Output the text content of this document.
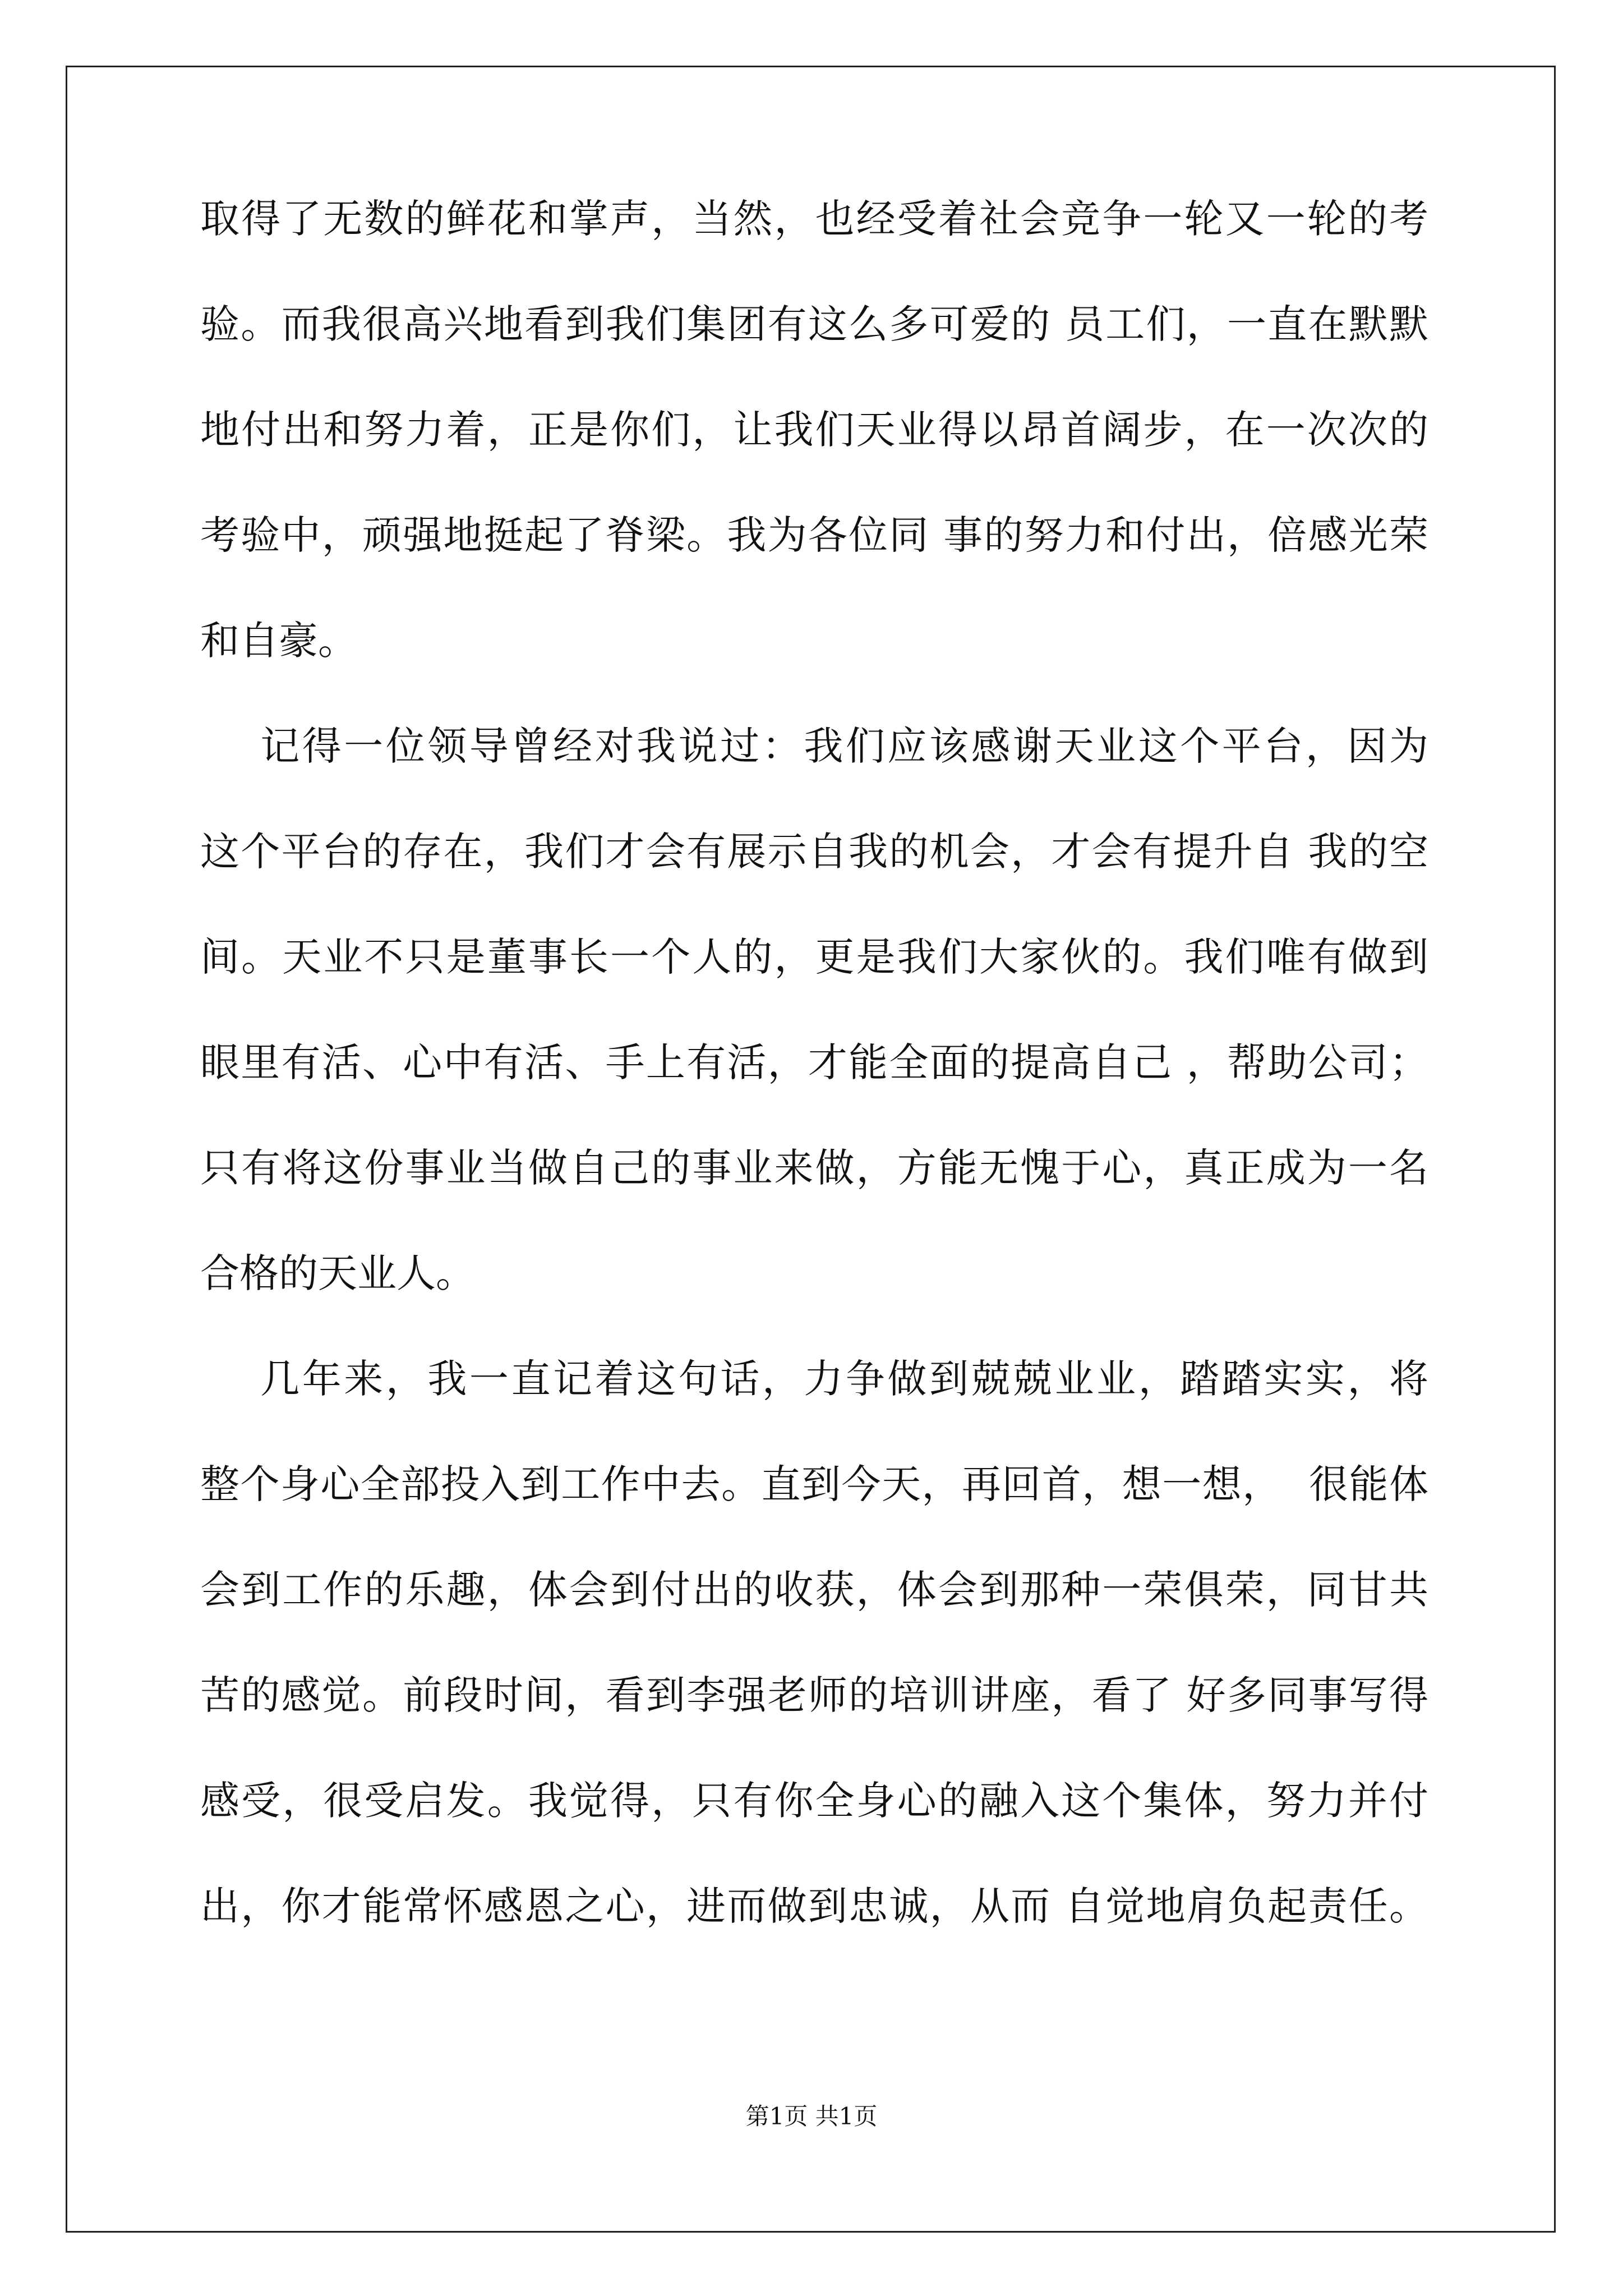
取得了无数的鲜花和掌声，当然，也经受着社会竞争一轮又一轮的考
验。而我很高兴地看到我们集团有这么多可爱的 员工们，一直在默默
地付出和努力着，正是你们，让我们天业得以昂首阔步，在一次次的
考验中，顽强地挺起了脊梁。我为各位同 事的努力和付出，倍感光荣
和自豪。
记得一位领导曾经对我说过：我们应该感谢天业这个平台，因为
这个平台的存在，我们才会有展示自我的机会，才会有提升自 我的空
间。天业不只是董事长一个人的，更是我们大家伙的。我们唯有做到
眼里有活、心中有活、手上有活，才能全面的提高自己 ，帮助公司；
只有将这份事业当做自己的事业来做，方能无愧于心，真正成为一名
合格的天业人。
几年来，我一直记着这句话，力争做到兢兢业业，踏踏实实，将
整个身心全部投入到工作中去。直到今天，再回首，想一想，  很能体
会到工作的乐趣，体会到付出的收获，体会到那种一荣俱荣，同甘共
苦的感觉。前段时间，看到李强老师的培训讲座，看了 好多同事写得
感受，很受启发。我觉得，只有你全身心的融入这个集体，努力并付
出，你才能常怀感恩之心，进而做到忠诚，从而 自觉地肩负起责任。
第1页 共1页
